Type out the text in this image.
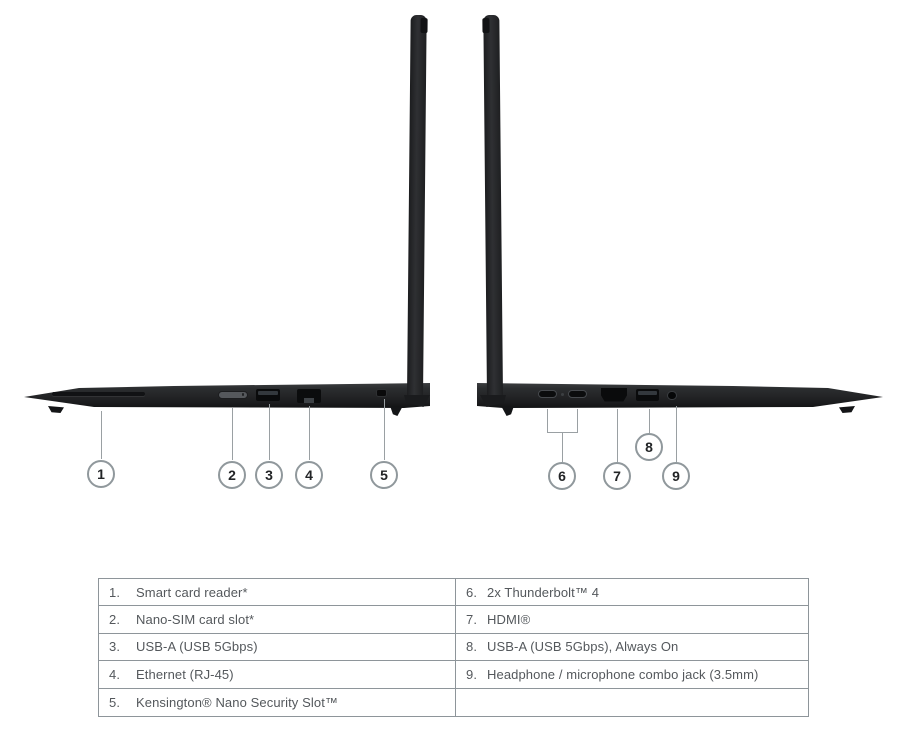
1	2	3	4	5	6	7
8
9
1.	Smart card reader*	6. 2x Thunderbolt™ 4
2.	Nano-SIM card slot*	7. HDMI®
3.	USB-A (USB 5Gbps)	8. USB-A (USB 5Gbps), Always On
4.	Ethernet (RJ-45)	9. Headphone / microphone combo jack (3.5mm)
5.	Kensington® Nano Security Slot™
